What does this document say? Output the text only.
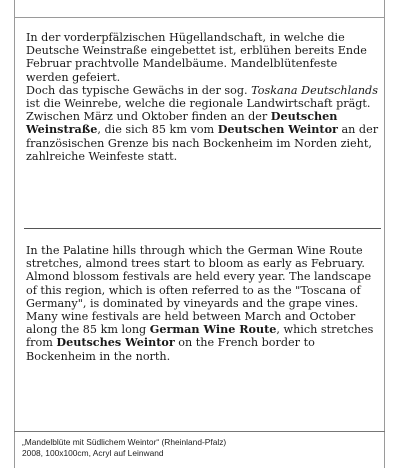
In der vorderpfälzischen Hügellandschaft, in welche die Deutsche Weinstraße eingebettet ist, erblühen bereits Ende Februar prachtvolle Mandelbäume. Mandelblütenfeste werden gefeiert.

Doch das typische Gewächs in der sog. Toskana Deutschlands ist die Weinrebe, welche die regionale Landwirtschaft prägt. Zwischen März und Oktober finden an der Deutschen Weinstraße, die sich 85 km vom Deutschen Weintor an der französischen Grenze bis nach Bockenheim im Norden zieht, zahlreiche Weinfeste statt.

In the Palatine hills through which the German Wine Route stretches, almond trees start to bloom as early as February. Almond blossom festivals are held every year. The landscape of this region, which is often referred to as the "Toscana of Germany", is dominated by vineyards and the grape vines. Many wine festivals are held between March and October along the 85 km long German Wine Route, which stretches from Deutsches Weintor on the French border to Bockenheim in the north.

„Mandelblüte mit Südlichem Weintor“ (Rheinland-Pfalz)
2008, 100x100cm, Acryl auf Leinwand
